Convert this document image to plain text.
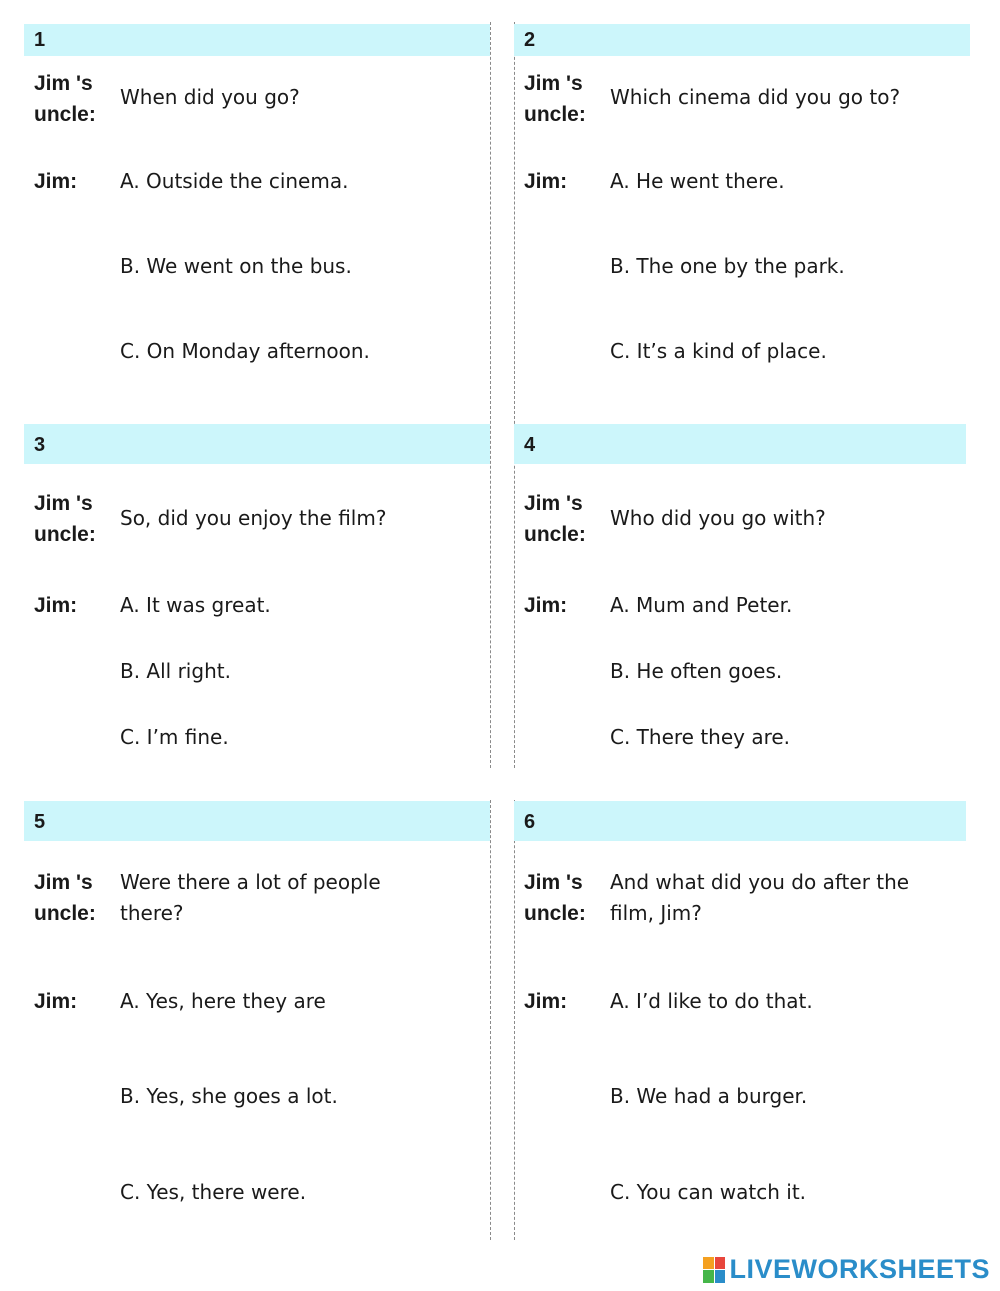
1
Jim 's uncle:
When did you go?
Jim: A. Outside the cinema.
B. We went on the bus.
C. On Monday afternoon.
2
Jim 's uncle:
Which cinema did you go to?
Jim: A. He went there.
B. The one by the park.
C. It’s a kind of place.
3
Jim 's uncle:
So, did you enjoy the film?
Jim: A. It was great.
B. All right.
C. I’m fine.
4
Jim 's uncle:
Who did you go with?
Jim: A. Mum and Peter.
B. He often goes.
C. There they are.
5
Jim 's uncle:
Were there a lot of people there?
Jim: A. Yes, here they are
B. Yes, she goes a lot.
C. Yes, there were.
6
Jim 's uncle:
And what did you do after the film, Jim?
Jim: A. I’d like to do that.
B. We had a burger.
C. You can watch it.
LIVEWORKSHEETS
